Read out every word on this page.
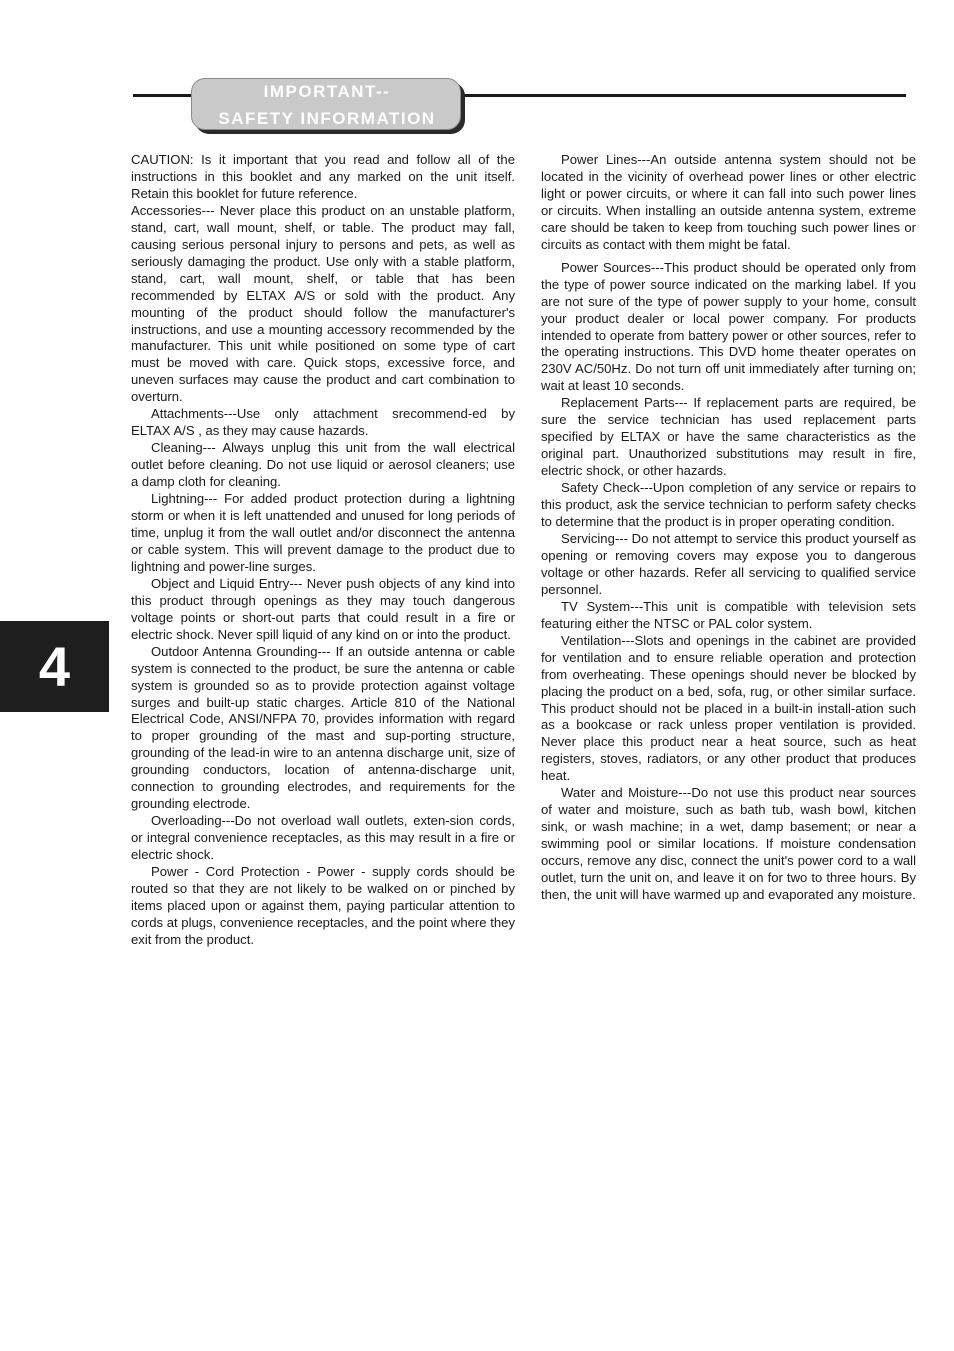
IMPORTANT--
SAFETY INFORMATION

CAUTION: Is it important that you read and follow all of the instructions in this booklet and any marked on the unit itself. Retain this booklet for future reference.

Accessories--- Never place this product on an unstable platform, stand, cart, wall mount, shelf, or table. The product may fall, causing serious personal injury to persons and pets, as well as seriously damaging the product. Use only with a stable platform, stand, cart, wall mount, shelf, or table that has been recommended by ELTAX A/S or sold with the product. Any mounting of the product should follow the manufacturer's instructions, and use a mounting accessory recommended by the manufacturer. This unit while positioned on some type of cart must be moved with care. Quick stops, excessive force, and uneven surfaces may cause the product and cart combination to overturn.

Attachments---Use only attachment srecommend-ed by ELTAX A/S , as they may cause hazards.

Cleaning--- Always unplug this unit from the wall electrical outlet before cleaning. Do not use liquid or aerosol cleaners; use a damp cloth for cleaning.

Lightning--- For added product protection during a lightning storm or when it is left unattended and unused for long periods of time, unplug it from the wall outlet and/or disconnect the antenna or cable system. This will prevent damage to the product due to lightning and power-line surges.

Object and Liquid Entry--- Never push objects of any kind into this product through openings as they may touch dangerous voltage points or short-out parts that could result in a fire or electric shock. Never spill liquid of any kind on or into the product.

Outdoor Antenna Grounding--- If an outside antenna or cable system is connected to the product, be sure the antenna or cable system is grounded so as to provide protection against voltage surges and built-up static charges. Article 810 of the National Electrical Code, ANSI/NFPA 70, provides information with regard to proper grounding of the mast and sup-porting structure, grounding of the lead-in wire to an antenna discharge unit, size of grounding conductors, location of antenna-discharge unit, connection to grounding electrodes, and requirements for the grounding electrode.

Overloading---Do not overload wall outlets, exten-sion cords, or integral convenience receptacles, as this may result in a fire or electric shock.

Power - Cord Protection - Power - supply cords should be routed so that they are not likely to be walked on or pinched by items placed upon or against them, paying particular attention to cords at plugs, convenience receptacles, and the point where they exit from the product.

Power Lines---An outside antenna system should not be located in the vicinity of overhead power lines or other electric light or power circuits, or where it can fall into such power lines or circuits. When installing an outside antenna system, extreme care should be taken to keep from touching such power lines or circuits as contact with them might be fatal.

Power Sources---This product should be operated only from the type of power source indicated on the marking label. If you are not sure of the type of power supply to your home, consult your product dealer or local power company. For products intended to operate from battery power or other sources, refer to the operating instructions. This DVD home theater operates on 230V AC/50Hz. Do not turn off unit immediately after turning on; wait at least 10 seconds.

Replacement Parts--- If replacement parts are required, be sure the service technician has used replacement parts specified by ELTAX or have the same characteristics as the original part. Unauthorized substitutions may result in fire, electric shock, or other hazards.

Safety Check---Upon completion of any service or repairs to this product, ask the service technician to perform safety checks to determine that the product is in proper operating condition.

Servicing--- Do not attempt to service this product yourself as opening or removing covers may expose you to dangerous voltage or other hazards. Refer all servicing to qualified service personnel.

TV System---This unit is compatible with television sets featuring either the NTSC or PAL color system.

Ventilation---Slots and openings in the cabinet are provided for ventilation and to ensure reliable operation and protection from overheating. These openings should never be blocked by placing the product on a bed, sofa, rug, or other similar surface. This product should not be placed in a built-in install-ation such as a bookcase or rack unless proper ventilation is provided. Never place this product near a heat source, such as heat registers, stoves, radiators, or any other product that produces heat.

Water and Moisture---Do not use this product near sources of water and moisture, such as bath tub, wash bowl, kitchen sink, or wash machine; in a wet, damp basement; or near a swimming pool or similar locations. If moisture condensation occurs, remove any disc, connect the unit's power cord to a wall outlet, turn the unit on, and leave it on for two to three hours. By then, the unit will have warmed up and evaporated any moisture.

4
